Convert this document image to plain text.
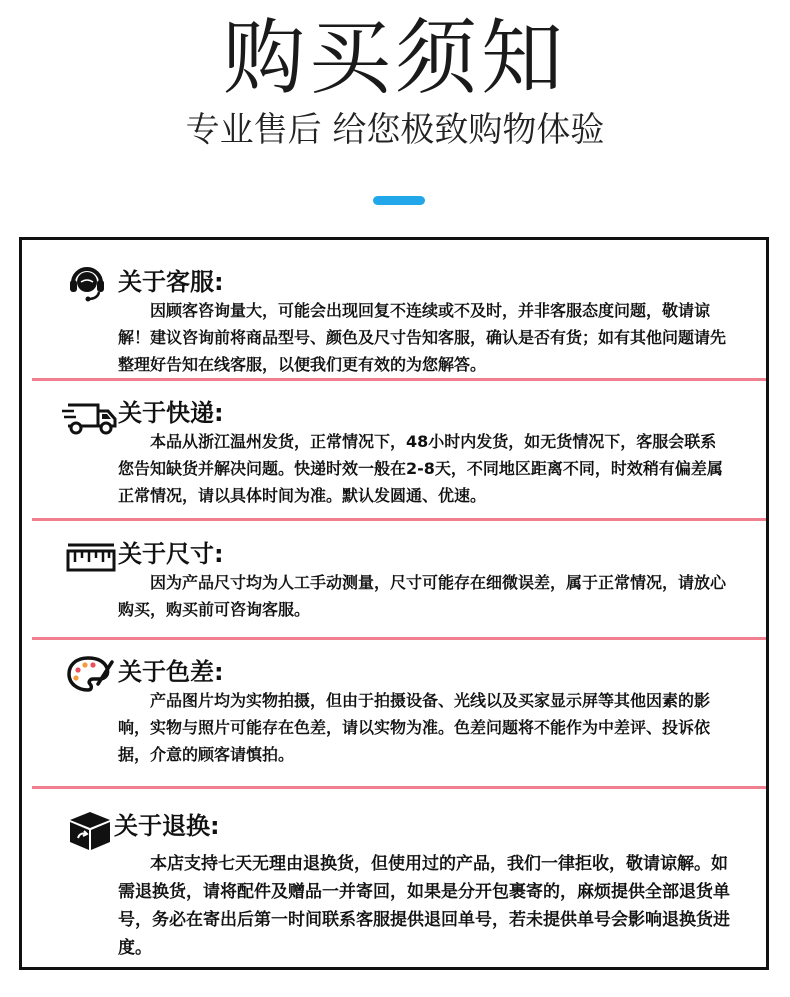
购买须知
专业售后 给您极致购物体验
关于客服:
因顾客咨询量大，可能会出现回复不连续或不及时，并非客服态度问题，敬请谅解！建议咨询前将商品型号、颜色及尺寸告知客服，确认是否有货；如有其他问题请先整理好告知在线客服，以便我们更有效的为您解答。
关于快递:
本品从浙江温州发货，正常情况下，48小时内发货，如无货情况下，客服会联系您告知缺货并解决问题。快递时效一般在2-8天，不同地区距离不同，时效稍有偏差属正常情况，请以具体时间为准。默认发圆通、优速。
关于尺寸:
因为产品尺寸均为人工手动测量，尺寸可能存在细微误差，属于正常情况，请放心购买，购买前可咨询客服。
关于色差:
产品图片均为实物拍摄，但由于拍摄设备、光线以及买家显示屏等其他因素的影响，实物与照片可能存在色差，请以实物为准。色差问题将不能作为中差评、投诉依据，介意的顾客请慎拍。
关于退换:
本店支持七天无理由退换货，但使用过的产品，我们一律拒收，敬请谅解。如需退换货，请将配件及赠品一并寄回，如果是分开包裹寄的，麻烦提供全部退货单号，务必在寄出后第一时间联系客服提供退回单号，若未提供单号会影响退换货进度。
